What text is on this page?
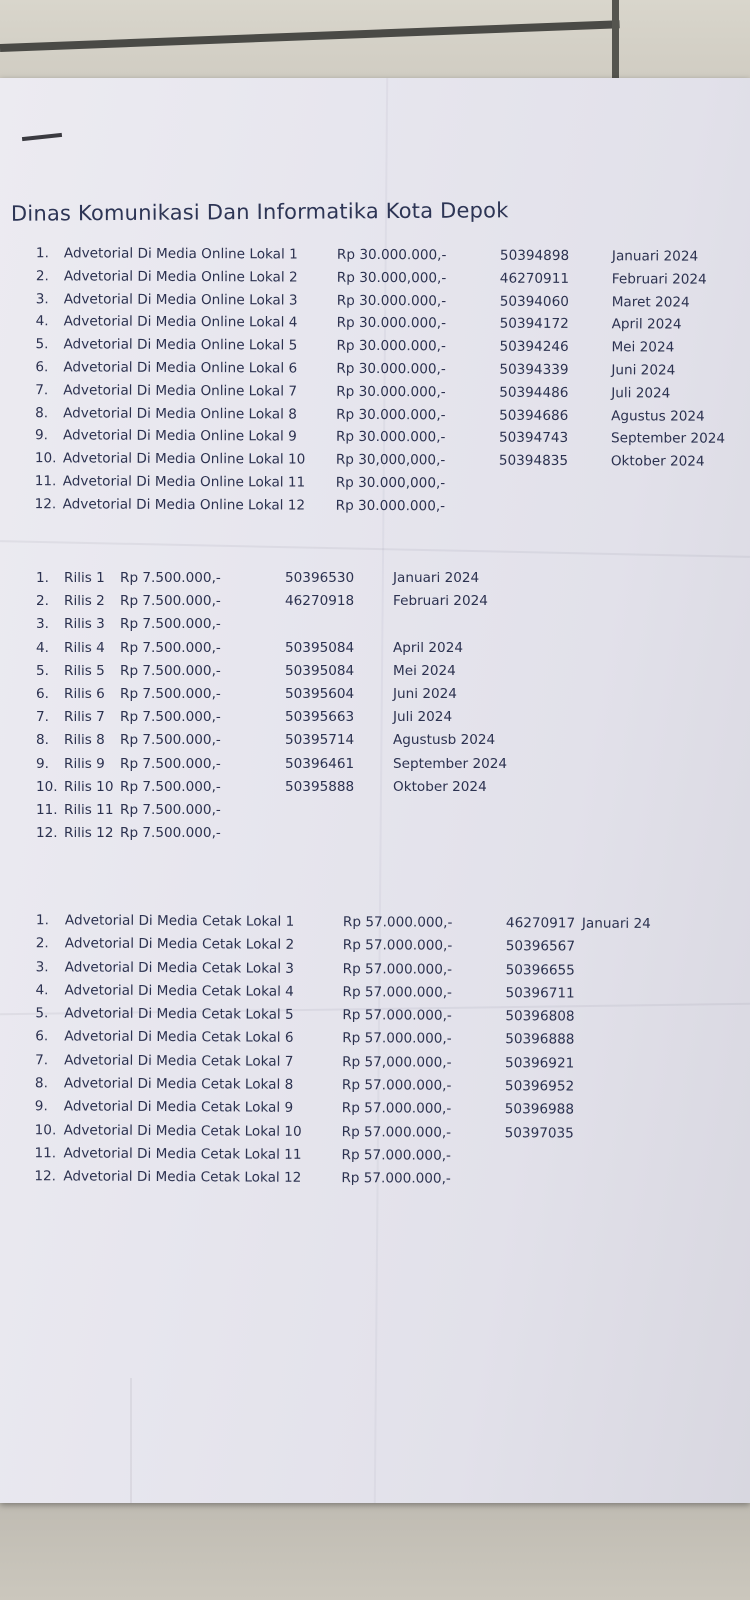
Dinas Komunikasi Dan Informatika Kota Depok
1. Advetorial Di Media Online Lokal 1	Rp 30.000.000,-	50394898	Januari 2024
2. Advetorial Di Media Online Lokal 2	Rp 30.000,000,-	46270911	Februari 2024
3. Advetorial Di Media Online Lokal 3	Rp 30.000.000,-	50394060	Maret 2024
4. Advetorial Di Media Online Lokal 4	Rp 30.000.000,-	50394172	April 2024
5. Advetorial Di Media Online Lokal 5	Rp 30.000.000,-	50394246	Mei 2024
6. Advetorial Di Media Online Lokal 6	Rp 30.000.000,-	50394339	Juni 2024
7. Advetorial Di Media Online Lokal 7	Rp 30.000.000,-	50394486	Juli 2024
8. Advetorial Di Media Online Lokal 8	Rp 30.000.000,-	50394686	Agustus 2024
9. Advetorial Di Media Online Lokal 9	Rp 30.000.000,-	50394743	September 2024
10. Advetorial Di Media Online Lokal 10 Rp 30,000,000,-	50394835	Oktober 2024
11. Advetorial Di Media Online Lokal 11 Rp 30.000,000,-
12. Advetorial Di Media Online Lokal 12 Rp 30.000.000,-
1. Rilis 1 Rp 7.500.000,-	50396530	Januari 2024
2. Rilis 2 Rp 7.500.000,-	46270918	Februari 2024
3. Rilis 3 Rp 7.500.000,-
4. Rilis 4 Rp 7.500.000,-	50395084	April 2024
5. Rilis 5 Rp 7.500.000,-	50395084	Mei 2024
6. Rilis 6 Rp 7.500.000,-	50395604	Juni 2024
7. Rilis 7 Rp 7.500.000,-	50395663	Juli 2024
8. Rilis 8 Rp 7.500.000,-	50395714	Agustusb 2024
9. Rilis 9 Rp 7.500.000,-	50396461	September 2024
10. Rilis 10 Rp 7.500.000,-	50395888	Oktober 2024
11. Rilis 11 Rp 7.500.000,-
12. Rilis 12 Rp 7.500.000,-
1. Advetorial Di Media Cetak Lokal 1	Rp 57.000.000,-	46270917 Januari 24
2. Advetorial Di Media Cetak Lokal 2	Rp 57.000.000,-	50396567
3. Advetorial Di Media Cetak Lokal 3	Rp 57.000.000,-	50396655
4. Advetorial Di Media Cetak Lokal 4	Rp 57.000.000,-	50396711
5. Advetorial Di Media Cetak Lokal 5	Rp 57.000.000,-	50396808
6. Advetorial Di Media Cetak Lokal 6	Rp 57.000.000,-	50396888
7. Advetorial Di Media Cetak Lokal 7	Rp 57,000.000,-	50396921
8. Advetorial Di Media Cetak Lokal 8	Rp 57.000.000,-	50396952
9. Advetorial Di Media Cetak Lokal 9	Rp 57.000.000,-	50396988
10. Advetorial Di Media Cetak Lokal 10	Rp 57.000.000,-	50397035
11. Advetorial Di Media Cetak Lokal 11	Rp 57.000.000,-
12. Advetorial Di Media Cetak Lokal 12	Rp 57.000.000,-
